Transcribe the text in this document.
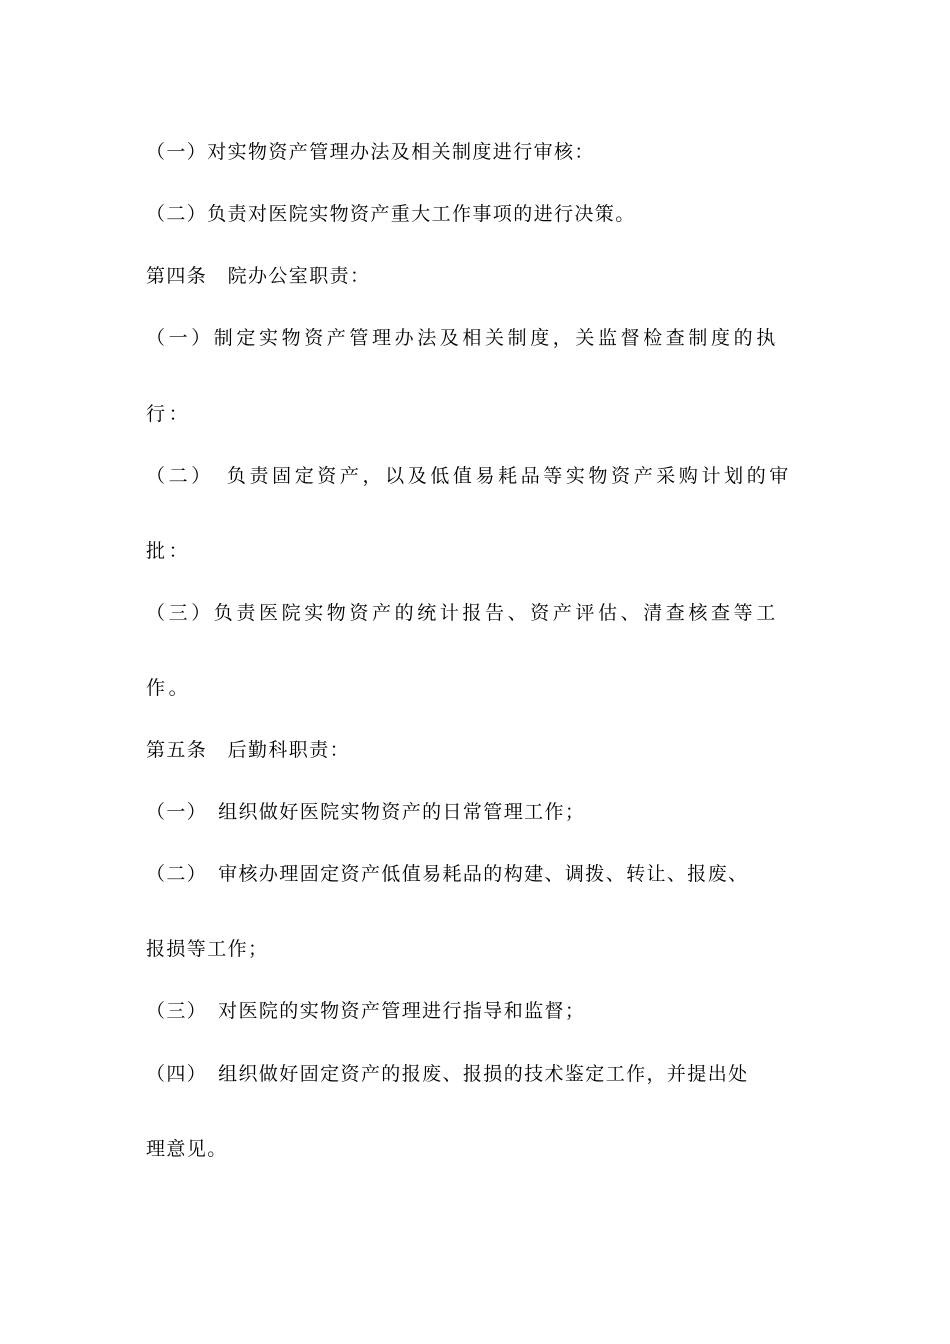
（一）对实物资产管理办法及相关制度进行审核：

（二）负责对医院实物资产重大工作事项的进行决策。

第四条　院办公室职责：

（一）制定实物资产管理办法及相关制度，关监督检查制度的执

行：

（二）　负责固定资产，以及低值易耗品等实物资产采购计划的审

批：

（三）负责医院实物资产的统计报告、资产评估、清查核查等工

作。

第五条　后勤科职责：

（一）　组织做好医院实物资产的日常管理工作；

（二）　审核办理固定资产低值易耗品的构建、调拨、转让、报废、

报损等工作；

（三）　对医院的实物资产管理进行指导和监督；

（四）　组织做好固定资产的报废、报损的技术鉴定工作，并提出处

理意见。
